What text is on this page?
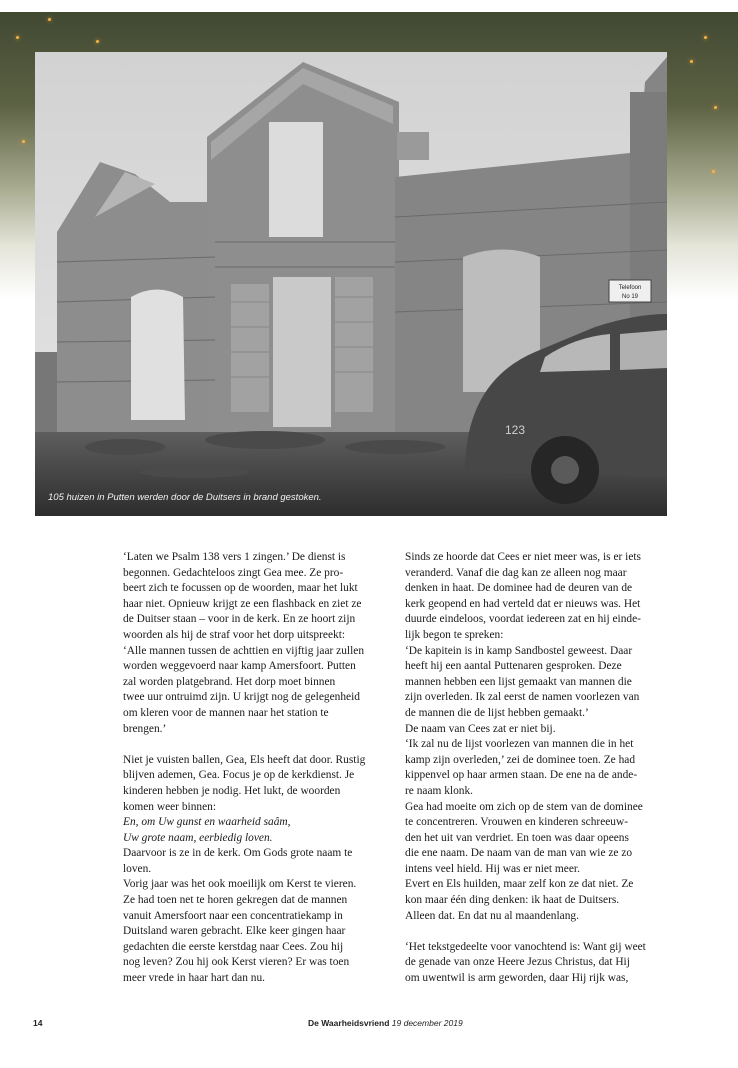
Telefoon
No 19
123
105 huizen in Putten werden door de Duitsers in brand gestoken.

‘Laten we Psalm 138 vers 1 zingen.’ De dienst is

begonnen. Gedachteloos zingt Gea mee. Ze pro-

beert zich te focussen op de woorden, maar het lukt

haar niet. Opnieuw krijgt ze een flashback en ziet ze

de Duitser staan – voor in de kerk. En ze hoort zijn

woorden als hij de straf voor het dorp uitspreekt:

‘Alle mannen tussen de achttien en vijftig jaar zullen

worden weggevoerd naar kamp Amersfoort. Putten

zal worden platgebrand. Het dorp moet binnen

twee uur ontruimd zijn. U krijgt nog de gelegenheid

om kleren voor de mannen naar het station te

brengen.’

Niet je vuisten ballen, Gea, Els heeft dat door. Rustig

blijven ademen, Gea. Focus je op de kerkdienst. Je

kinderen hebben je nodig. Het lukt, de woorden

komen weer binnen:

En, om Uw gunst en waarheid saâm,

Uw grote naam, eerbiedig loven.

Daarvoor is ze in de kerk. Om Gods grote naam te

loven.

Vorig jaar was het ook moeilijk om Kerst te vieren.

Ze had toen net te horen gekregen dat de mannen

vanuit Amersfoort naar een concentratiekamp in

Duitsland waren gebracht. Elke keer gingen haar

gedachten die eerste kerstdag naar Cees. Zou hij

nog leven? Zou hij ook Kerst vieren? Er was toen

meer vrede in haar hart dan nu.

Sinds ze hoorde dat Cees er niet meer was, is er iets

veranderd. Vanaf die dag kan ze alleen nog maar

denken in haat. De dominee had de deuren van de

kerk geopend en had verteld dat er nieuws was. Het

duurde eindeloos, voordat iedereen zat en hij einde-

lijk begon te spreken:

‘De kapitein is in kamp Sandbostel geweest. Daar

heeft hij een aantal Puttenaren gesproken. Deze

mannen hebben een lijst gemaakt van mannen die

zijn overleden. Ik zal eerst de namen voorlezen van

de mannen die de lijst hebben gemaakt.’

De naam van Cees zat er niet bij.

‘Ik zal nu de lijst voorlezen van mannen die in het

kamp zijn overleden,’ zei de dominee toen. Ze had

kippenvel op haar armen staan. De ene na de ande-

re naam klonk.

Gea had moeite om zich op de stem van de dominee

te concentreren. Vrouwen en kinderen schreeuw-

den het uit van verdriet. En toen was daar opeens

die ene naam. De naam van de man van wie ze zo

intens veel hield. Hij was er niet meer.

Evert en Els huilden, maar zelf kon ze dat niet. Ze

kon maar één ding denken: ik haat de Duitsers.

Alleen dat. En dat nu al maandenlang.

‘Het tekstgedeelte voor vanochtend is: Want gij weet

de genade van onze Heere Jezus Christus, dat Hij

om uwentwil is arm geworden, daar Hij rijk was,

14	De Waarheidsvriend 19 december 2019
